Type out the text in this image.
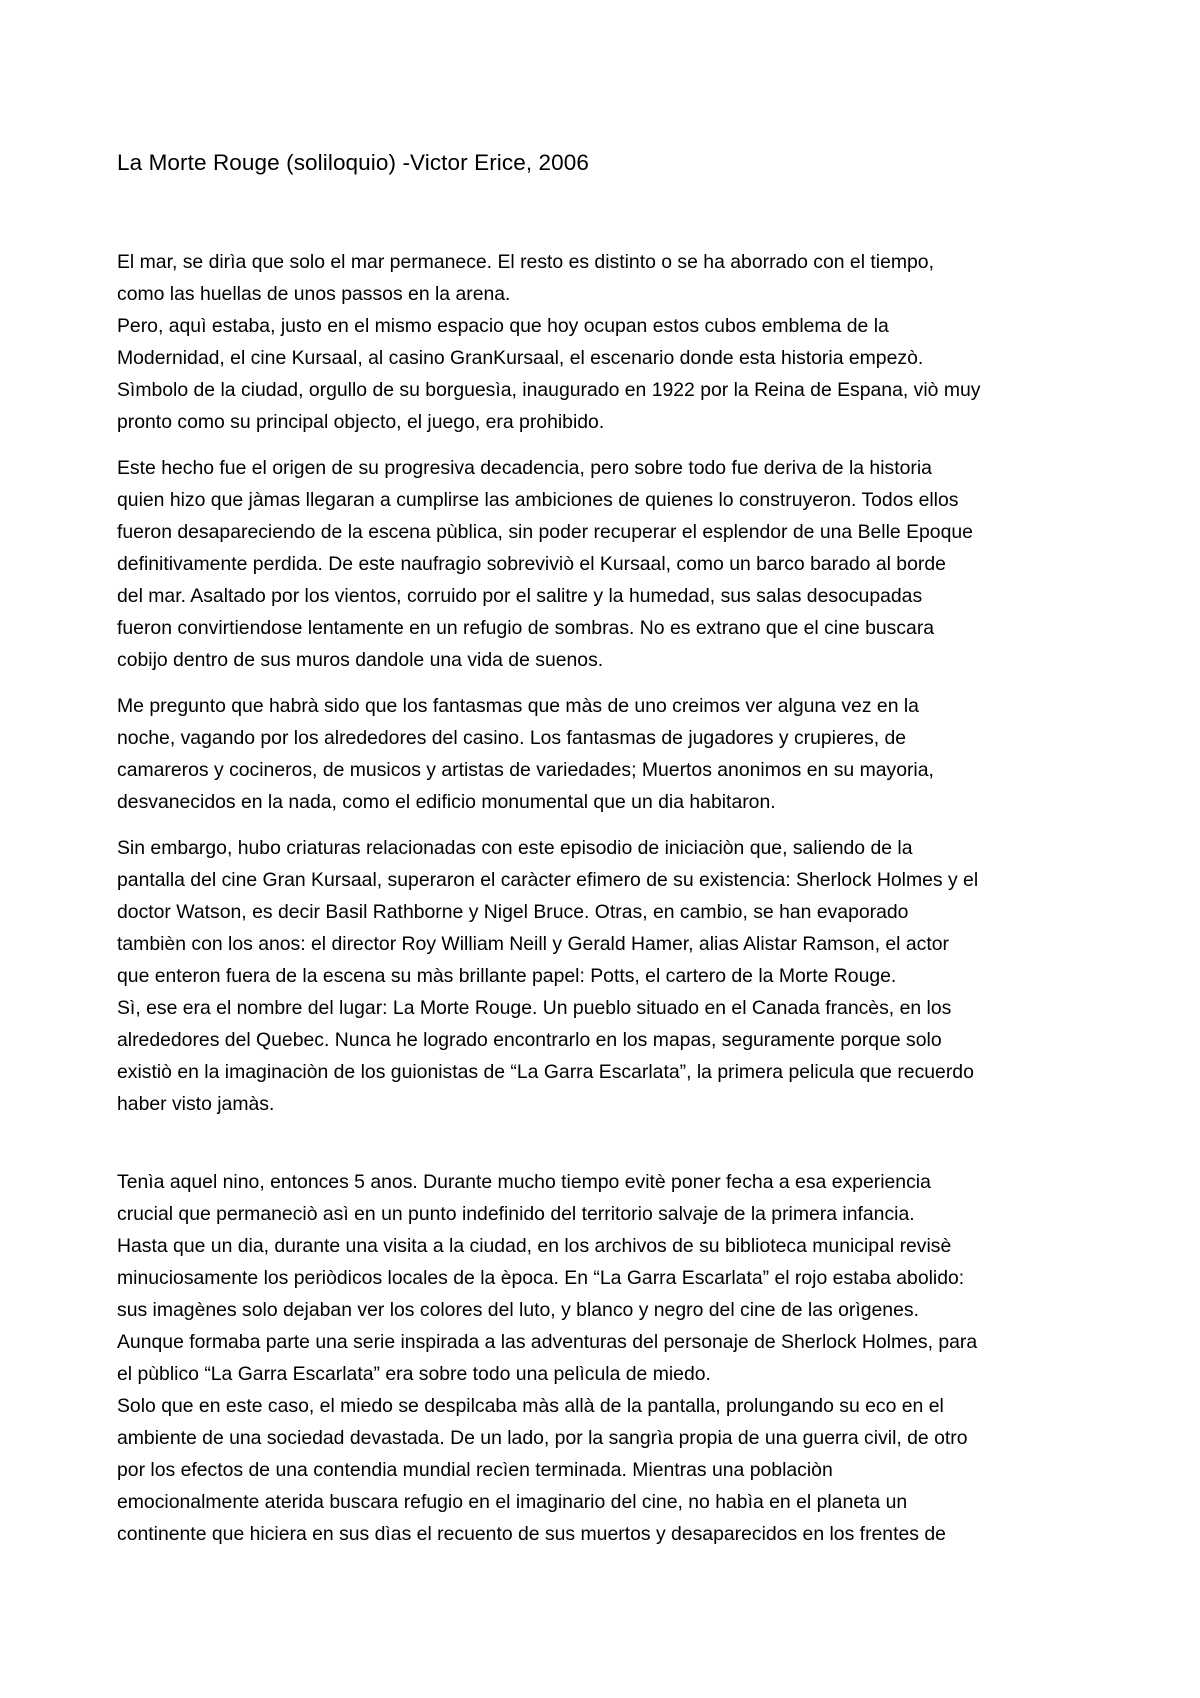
La Morte Rouge (soliloquio) -Victor Erice, 2006
El mar, se dirìa que solo el mar permanece. El resto es distinto o se ha aborrado con el tiempo,
como las huellas de unos passos en la arena.
Pero, aquì estaba, justo en el mismo espacio que hoy ocupan estos cubos emblema de la
Modernidad, el cine Kursaal, al casino GranKursaal, el escenario donde esta historia empezò.
Sìmbolo de la ciudad, orgullo de su borguesìa, inaugurado en 1922 por la Reina de Espana, viò muy
pronto como su principal objecto, el juego, era prohibido.
Este hecho fue el origen de su progresiva decadencia, pero sobre todo fue deriva de la historia
quien hizo que jàmas llegaran a cumplirse las ambiciones de quienes lo construyeron. Todos ellos
fueron desapareciendo de la escena pùblica, sin poder recuperar el esplendor de una Belle Epoque
definitivamente perdida. De este naufragio sobreviviò el Kursaal, como un barco barado al borde
del mar. Asaltado por los vientos, corruido por el salitre y la humedad, sus salas desocupadas
fueron convirtiendose lentamente en un refugio de sombras. No es extrano que el cine buscara
cobijo dentro de sus muros dandole una vida de suenos.
Me pregunto que habrà sido que los fantasmas que màs de uno creimos ver alguna vez en la
noche, vagando por los alrededores del casino. Los fantasmas de jugadores y crupieres, de
camareros y cocineros, de musicos y artistas de variedades; Muertos anonimos en su mayoria,
desvanecidos en la nada, como el edificio monumental que un dia habitaron.
Sin embargo, hubo criaturas relacionadas con este episodio de iniciaciòn que, saliendo de la
pantalla del cine Gran Kursaal, superaron el caràcter efimero de su existencia: Sherlock Holmes y el
doctor Watson, es decir Basil Rathborne y Nigel Bruce. Otras, en cambio, se han evaporado
tambièn con los anos: el director Roy William Neill y Gerald Hamer, alias Alistar Ramson, el actor
que enteron fuera de la escena su màs brillante papel: Potts, el cartero de la Morte Rouge.
Sì, ese era el nombre del lugar: La Morte Rouge. Un pueblo situado en el Canada francès, en los
alrededores del Quebec. Nunca he logrado encontrarlo en los mapas, seguramente porque solo
existiò en la imaginaciòn de los guionistas de “La Garra Escarlata”, la primera pelicula que recuerdo
haber visto jamàs.
Tenìa aquel nino, entonces 5 anos. Durante mucho tiempo evitè poner fecha a esa experiencia
crucial que permaneciò asì en un punto indefinido del territorio salvaje de la primera infancia.
Hasta que un dia, durante una visita a la ciudad, en los archivos de su biblioteca municipal revisè
minuciosamente los periòdicos locales de la època. En “La Garra Escarlata” el rojo estaba abolido:
sus imagènes solo dejaban ver los colores del luto, y blanco y negro del cine de las orìgenes.
Aunque formaba parte una serie inspirada a las adventuras del personaje de Sherlock Holmes, para
el pùblico “La Garra Escarlata” era sobre todo una pelìcula de miedo.
Solo que en este caso, el miedo se despilcaba màs allà de la pantalla, prolungando su eco en el
ambiente de una sociedad devastada. De un lado, por la sangrìa propia de una guerra civil, de otro
por los efectos de una contendia mundial recìen terminada. Mientras una poblaciòn
emocionalmente aterida buscara refugio en el imaginario del cine, no habìa en el planeta un
continente que hiciera en sus dìas el recuento de sus muertos y desaparecidos en los frentes de
